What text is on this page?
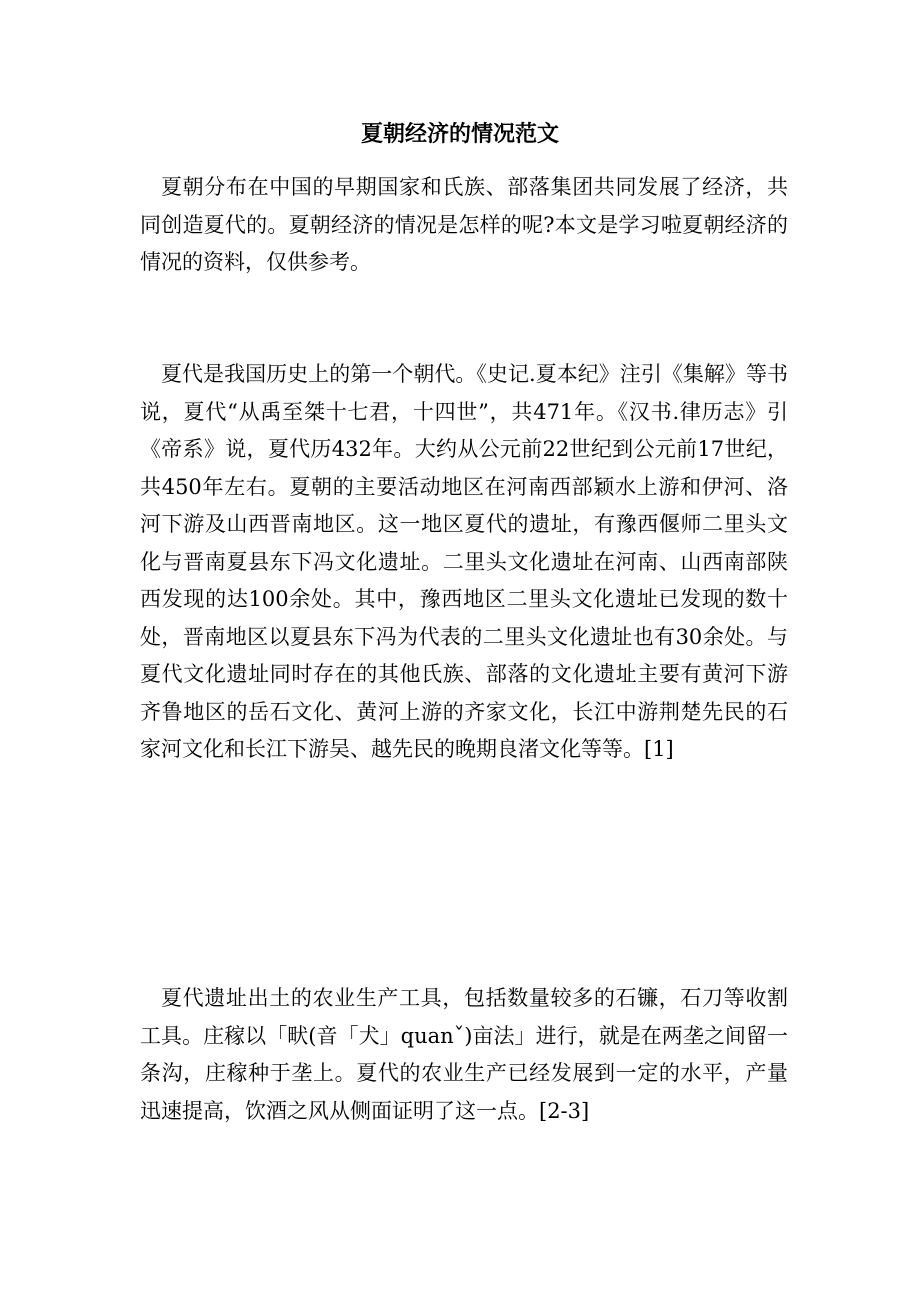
夏朝经济的情况范文

夏朝分布在中国的早期国家和氏族、部落集团共同发展了经济，共同创造夏代的。夏朝经济的情况是怎样的呢?本文是学习啦夏朝经济的情况的资料，仅供参考。

夏代是我国历史上的第一个朝代。《史记.夏本纪》注引《集解》等书说，夏代“从禹至桀十七君，十四世”，共471年。《汉书.律历志》引《帝系》说，夏代历432年。大约从公元前22世纪到公元前17世纪，共450年左右。夏朝的主要活动地区在河南西部颖水上游和伊河、洛河下游及山西晋南地区。这一地区夏代的遗址，有豫西偃师二里头文化与晋南夏县东下冯文化遗址。二里头文化遗址在河南、山西南部陕西发现的达100余处。其中，豫西地区二里头文化遗址已发现的数十处，晋南地区以夏县东下冯为代表的二里头文化遗址也有30余处。与夏代文化遗址同时存在的其他氏族、部落的文化遗址主要有黄河下游齐鲁地区的岳石文化、黄河上游的齐家文化，长江中游荆楚先民的石家河文化和长江下游吴、越先民的晚期良渚文化等等。[1]

夏代遗址出土的农业生产工具，包括数量较多的石镰，石刀等收割工具。庄稼以「畎(音「犬」quanˇ)亩法」进行，就是在两垄之间留一条沟，庄稼种于垄上。夏代的农业生产已经发展到一定的水平，产量迅速提高，饮酒之风从侧面证明了这一点。[2-3]
